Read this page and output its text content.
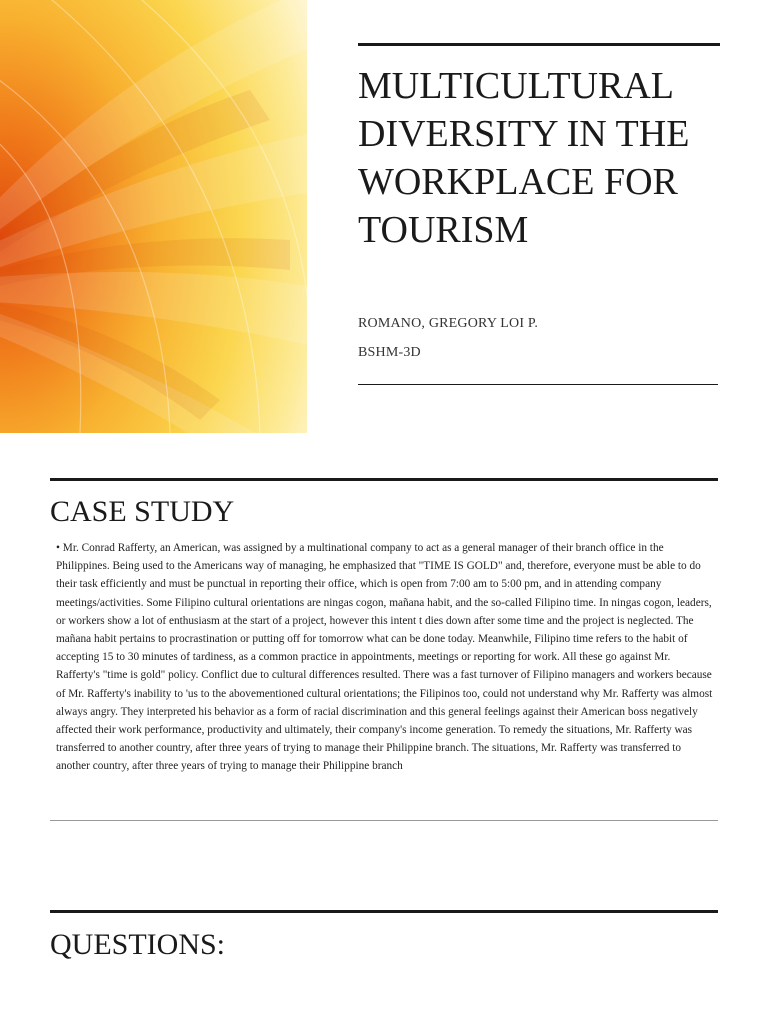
MULTICULTURAL DIVERSITY IN THE WORKPLACE FOR TOURISM
ROMANO, GREGORY LOI P.
BSHM-3D
CASE STUDY

• Mr. Conrad Rafferty, an American, was assigned by a multinational company to act as a general manager of their branch office in the Philippines. Being used to the Americans way of managing, he emphasized that "TIME IS GOLD" and, therefore, everyone must be able to do their task efficiently and must be punctual in reporting their office, which is open from 7:00 am to 5:00 pm, and in attending company meetings/activities. Some Filipino cultural orientations are ningas cogon, mañana habit, and the so-called Filipino time. In ningas cogon, leaders, or workers show a lot of enthusiasm at the start of a project, however this intent t dies down after some time and the project is neglected. The mañana habit pertains to procrastination or putting off for tomorrow what can be done today. Meanwhile, Filipino time refers to the habit of accepting 15 to 30 minutes of tardiness, as a common practice in appointments, meetings or reporting for work. All these go against Mr. Rafferty's "time is gold" policy. Conflict due to cultural differences resulted. There was a fast turnover of Filipino managers and workers because of Mr. Rafferty's inability to 'us to the abovementioned cultural orientations; the Filipinos too, could not understand why Mr. Rafferty was almost always angry. They interpreted his behavior as a form of racial discrimination and this general feelings against their American boss negatively affected their work performance, productivity and ultimately, their company's income generation. To remedy the situations, Mr. Rafferty was transferred to another country, after three years of trying to manage their Philippine branch. The situations, Mr. Rafferty was transferred to another country, after three years of trying to manage their Philippine branch

QUESTIONS:
